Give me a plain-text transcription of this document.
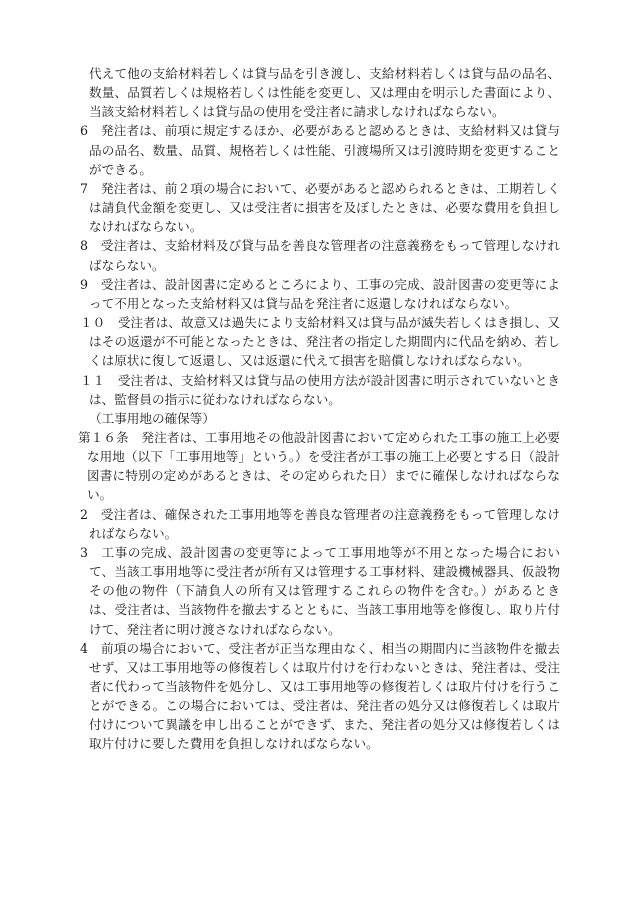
代えて他の支給材料若しくは貸与品を引き渡し、支給材料若しくは貸与品の品名、数量、品質若しくは規格若しくは性能を変更し、又は理由を明示した書面により、当該支給材料若しくは貸与品の使用を受注者に請求しなければならない。

6　発注者は、前項に規定するほか、必要があると認めるときは、支給材料又は貸与品の品名、数量、品質、規格若しくは性能、引渡場所又は引渡時期を変更することができる。

7　発注者は、前２項の場合において、必要があると認められるときは、工期若しくは請負代金額を変更し、又は受注者に損害を及ぼしたときは、必要な費用を負担しなければならない。

8　受注者は、支給材料及び貸与品を善良な管理者の注意義務をもって管理しなければならない。

9　受注者は、設計図書に定めるところにより、工事の完成、設計図書の変更等によって不用となった支給材料又は貸与品を発注者に返還しなければならない。

１０　受注者は、故意又は過失により支給材料又は貸与品が滅失若しくはき損し、又はその返還が不可能となったときは、発注者の指定した期間内に代品を納め、若しくは原状に復して返還し、又は返還に代えて損害を賠償しなければならない。

１１　受注者は、支給材料又は貸与品の使用方法が設計図書に明示されていないときは、監督員の指示に従わなければならない。

（工事用地の確保等）

第１６条　発注者は、工事用地その他設計図書において定められた工事の施工上必要な用地（以下「工事用地等」という。）を受注者が工事の施工上必要とする日（設計図書に特別の定めがあるときは、その定められた日）までに確保しなければならない。

2　受注者は、確保された工事用地等を善良な管理者の注意義務をもって管理しなければならない。

3　工事の完成、設計図書の変更等によって工事用地等が不用となった場合において、当該工事用地等に受注者が所有又は管理する工事材料、建設機械器具、仮設物その他の物件（下請負人の所有又は管理するこれらの物件を含む。）があるときは、受注者は、当該物件を撤去するとともに、当該工事用地等を修復し、取り片付けて、発注者に明け渡さなければならない。

4　前項の場合において、受注者が正当な理由なく、相当の期間内に当該物件を撤去せず、又は工事用地等の修復若しくは取片付けを行わないときは、発注者は、受注者に代わって当該物件を処分し、又は工事用地等の修復若しくは取片付けを行うことができる。この場合においては、受注者は、発注者の処分又は修復若しくは取片付けについて異議を申し出ることができず、また、発注者の処分又は修復若しくは取片付けに要した費用を負担しなければならない。
